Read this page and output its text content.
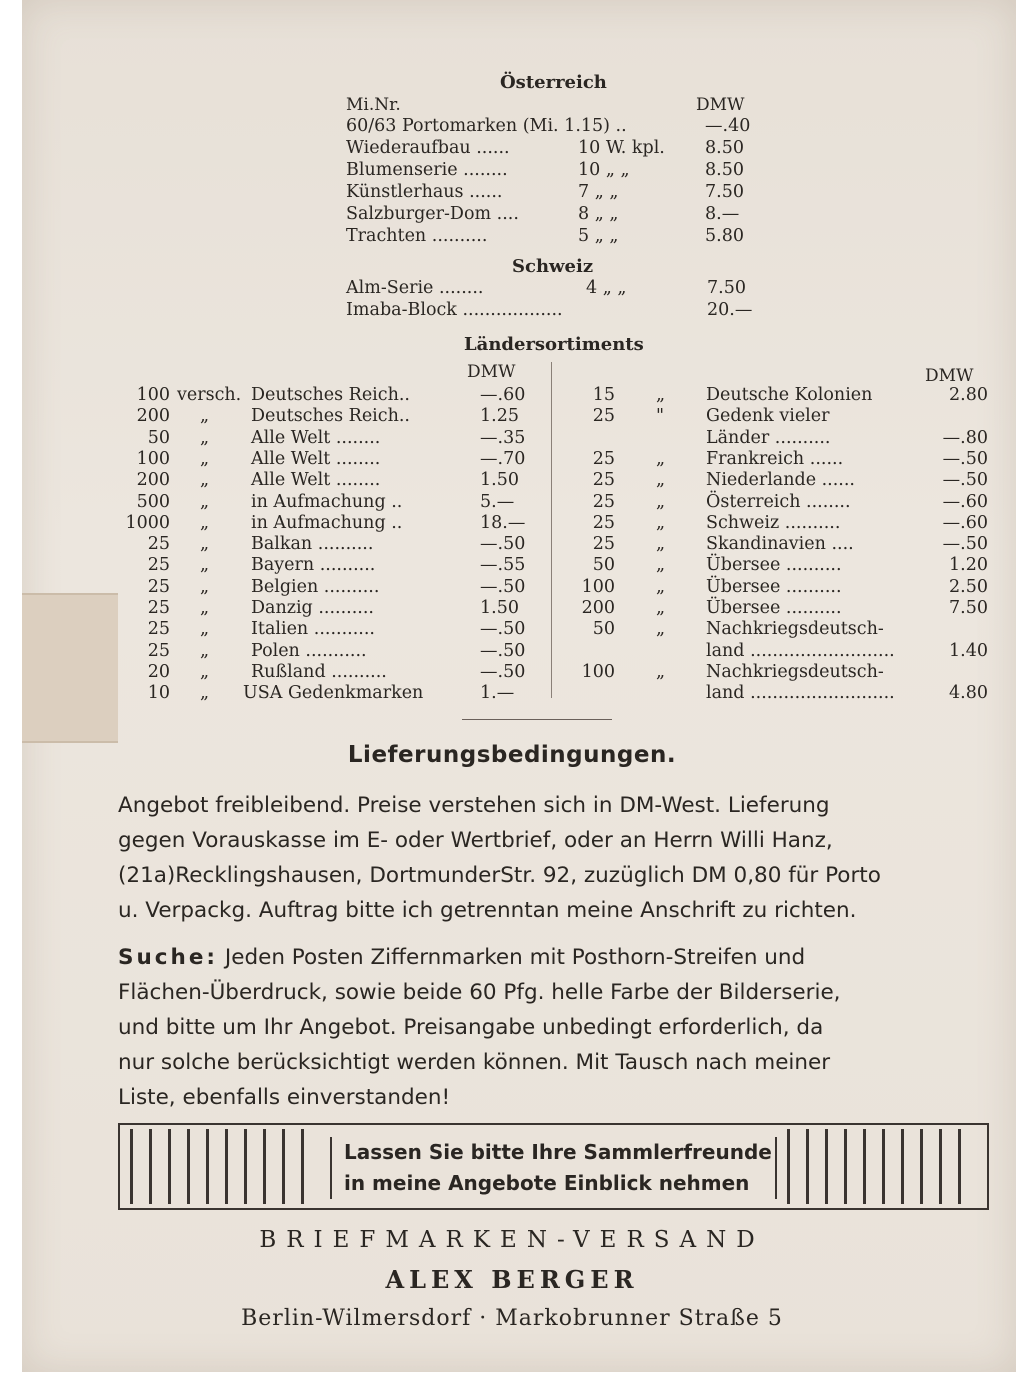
Österreich
Mi.Nr.	DMW
60/63 Portomarken (Mi. 1.15) ..	—.40
Wiederaufbau ......	10 W. kpl. 8.50
Blumenserie ........	10 „ „	8.50
Künstlerhaus ......	7 „ „	7.50
Salzburger-Dom ....	8 „ „	8.—
Trachten ..........	5 „ „	5.80
Schweiz
Alm-Serie ........	4 „ „	7.50
Imaba-Block ..................	20.—
Ländersortiments
DMW	DMW
100 versch. Deutsches Reich..	—.60
200 „ Deutsches Reich..	1.25
50 „ Alle Welt ........	—.35
100 „ Alle Welt ........	—.70
200 „ Alle Welt ........	1.50
500 „ in Aufmachung ..	5.—
1000 „ in Aufmachung ..	18.—
25 „ Balkan ..........	—.50
25 „ Bayern ..........	—.55
25 „ Belgien ..........	—.50
25 „ Danzig ..........	1.50
25 „ Italien ...........	—.50
25 „ Polen ...........	—.50
20 „ Rußland ..........	—.50
10 „ USA Gedenkmarken	1.—
15 „ Deutsche Kolonien	2.80
25 " Gedenk vieler
Länder ..........	—.80
25 „ Frankreich ......	—.50
25 „ Niederlande ......	—.50
25 „ Österreich ........	—.60
25 „ Schweiz ..........	—.60
25 „ Skandinavien ....	—.50
50 „ Übersee ..........	1.20
100 „ Übersee ..........	2.50
200 „ Übersee ..........	7.50
50 „ Nachkriegsdeutsch-
land ..........................	1.40
100 „ Nachkriegsdeutsch-
land ..........................	4.80
Lieferungsbedingungen.
Angebot freibleibend. Preise verstehen sich in DM-West. Lieferung
gegen Vorauskasse im E- oder Wertbrief, oder an Herrn Willi Hanz,
(21a)Recklingshausen, DortmunderStr. 92, zuzüglich DM 0,80 für Porto
u. Verpackg. Auftrag bitte ich getrenntan meine Anschrift zu richten.
Suche: Jeden Posten Ziffernmarken mit Posthorn-Streifen und
Flächen-Überdruck, sowie beide 60 Pfg. helle Farbe der Bilderserie,
und bitte um Ihr Angebot. Preisangabe unbedingt erforderlich, da
nur solche berücksichtigt werden können. Mit Tausch nach meiner
Liste, ebenfalls einverstanden!
Lassen Sie bitte Ihre Sammlerfreunde
in meine Angebote Einblick nehmen
BRIEFMARKEN-VERSAND
ALEX BERGER
Berlin-Wilmersdorf · Markobrunner Straße 5
